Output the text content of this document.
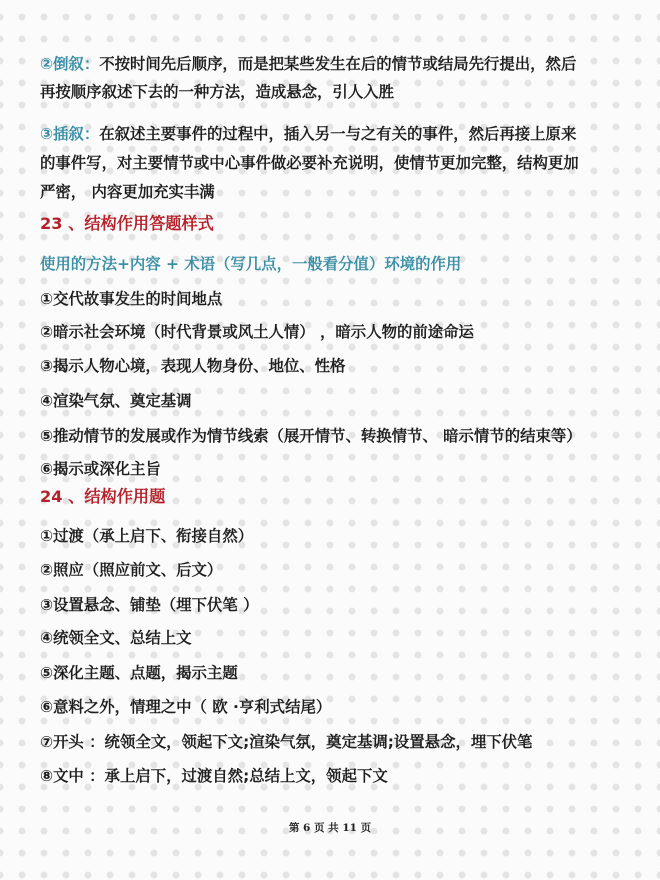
②倒叙：不按时间先后顺序，而是把某些发生在后的情节或结局先行提出，然后
再按顺序叙述下去的一种方法，造成悬念，引人入胜
③插叙：在叙述主要事件的过程中，插入另一与之有关的事件，然后再接上原来
的事件写，对主要情节或中心事件做必要补充说明，使情节更加完整，结构更加
严密， 内容更加充实丰满
23 、结构作用答题样式
使用的方法+内容 + 术语（写几点，一般看分值）环境的作用
①交代故事发生的时间地点
②暗示社会环境（时代背景或风土人情） ，暗示人物的前途命运
③揭示人物心境，表现人物身份、地位、性格
④渲染气氛、奠定基调
⑤推动情节的发展或作为情节线索（展开情节、转换情节、 暗示情节的结束等）
⑥揭示或深化主旨
24 、结构作用题
①过渡（承上启下、衔接自然）
②照应（照应前文、后文）
③设置悬念、铺垫（埋下伏笔 ）
④统领全文、总结上文
⑤深化主题、点题，揭示主题
⑥意料之外，情理之中（ 欧 ·亨利式结尾）
⑦开头 ：统领全文，领起下文;渲染气氛，奠定基调;设置悬念，埋下伏笔
⑧文中 ：承上启下，过渡自然;总结上文，领起下文
第 6 页 共 11 页
